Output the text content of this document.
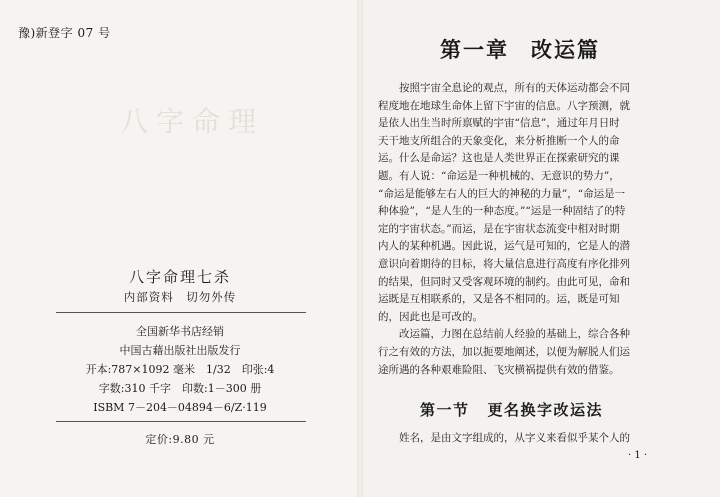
豫)新登字 07 号
八字命理
八字命理七杀
内部资料　切勿外传
全国新华书店经销
中国古藉出版社出版发行
开本:787×1092 毫米　1/32　印张:4
字数:310 千字　印数:1－300 册
ISBM 7－204－04894－6/Z·119
定价:9.80 元
第一章 改运篇
　　按照宇宙全息论的观点，所有的天体运动都会不同
程度地在地球生命体上留下宇宙的信息。八字预测，就
是依人出生当时所禀赋的宇宙“信息”，通过年月日时
天干地支所组合的天象变化，来分析推断一个人的命
运。什么是命运？这也是人类世界正在探索研究的课
题。有人说：“命运是一种机械的、无意识的势力”，
“命运是能够左右人的巨大的神秘的力量”，“命运是一
种体验”，“是人生的一种态度。”“运是一种固结了的特
定的宇宙状态。”而运，是在宇宙状态流变中相对时期
内人的某种机遇。因此说，运气是可知的，它是人的潜
意识向着期待的目标，将大量信息进行高度有序化排列
的结果，但同时又受客观环境的制约。由此可见，命和
运既是互相联系的，又是各不相同的。运，既是可知
的，因此也是可改的。
　　改运篇，力图在总结前人经验的基础上，综合各种
行之有效的方法，加以扼要地阐述，以便为解脱人们运
途所遇的各种艰难险阻、飞灾横祸提供有效的借鉴。
第一节 更名换字改运法
　　姓名，是由文字组成的，从字义来看似乎某个人的
· 1 ·
